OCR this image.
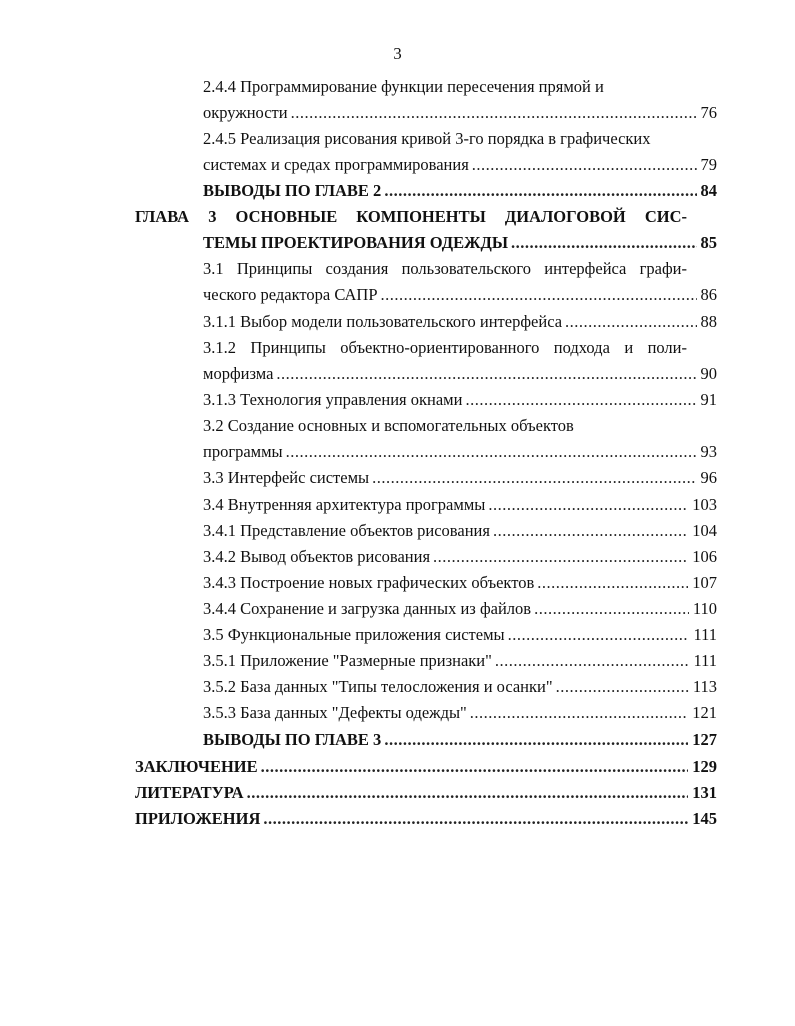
3
2.4.4 Программирование функции пересечения прямой и
окружности .....	76
2.4.5 Реализация рисования кривой 3-го порядка в графических
системах и средах программирования .....	79
ВЫВОДЫ ПО ГЛАВЕ 2 .....	84
ГЛАВА 3 ОСНОВНЫЕ КОМПОНЕНТЫ ДИАЛОГОВОЙ СИС-
ТЕМЫ ПРОЕКТИРОВАНИЯ ОДЕЖДЫ .....	85
3.1 Принципы создания пользовательского интерфейса графи-
ческого редактора САПР .....	86
3.1.1 Выбор модели пользовательского интерфейса .....	88
3.1.2 Принципы объектно-ориентированного подхода и поли-
морфизма .....	90
3.1.3 Технология управления окнами .....	91
3.2 Создание основных и вспомогательных объектов
программы .....	93
3.3 Интерфейс системы .....	96
3.4 Внутренняя архитектура программы .....	103
3.4.1 Представление объектов рисования .....	104
3.4.2 Вывод объектов рисования .....	106
3.4.3 Построение новых графических объектов .....	107
3.4.4 Сохранение и загрузка данных из файлов .....	110
3.5 Функциональные приложения системы .....	111
3.5.1 Приложение "Размерные признаки" .....	111
3.5.2 База данных "Типы телосложения и осанки" .....	113
3.5.3 База данных "Дефекты одежды" .....	121
ВЫВОДЫ ПО ГЛАВЕ 3 .....	127
ЗАКЛЮЧЕНИЕ .....	129
ЛИТЕРАТУРА .....	131
ПРИЛОЖЕНИЯ .....	145
